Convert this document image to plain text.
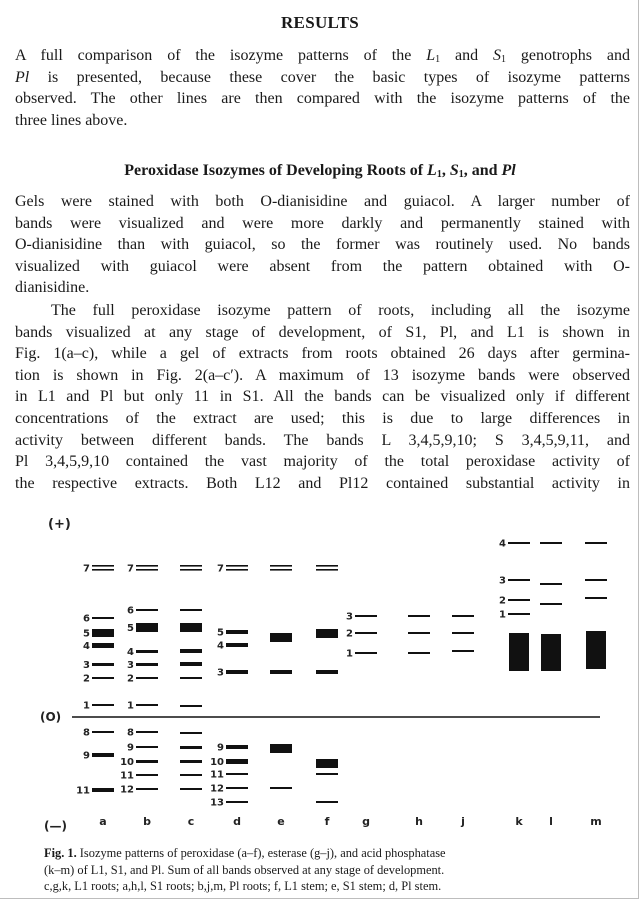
RESULTS
A full comparison of the isozyme patterns of the $L_1$ and $S_1$ genotrophs and
Pl is presented, because these cover the basic types of isozyme patterns
observed. The other lines are then compared with the isozyme patterns of the
three lines above.
Peroxidase Isozymes of Developing Roots of $L_1$, $S_1$, and Pl
Gels were stained with both O-dianisidine and guiacol. A larger number of
bands were visualized and were more darkly and permanently stained with
O-dianisidine than with guiacol, so the former was routinely used. No bands
visualized with guiacol were absent from the pattern obtained with O-
dianisidine.
The full peroxidase isozyme pattern of roots, including all the isozyme
bands visualized at any stage of development, of S1, Pl, and L1 is shown in
Fig. 1(a–c), while a gel of extracts from roots obtained 26 days after germina-
tion is shown in Fig. 2(a–c′). A maximum of 13 isozyme bands were observed
in L1 and Pl but only 11 in S1. All the bands can be visualized only if different
concentrations of the extract are used; this is due to large differences in
activity between different bands. The bands L 3,4,5,9,10; S 3,4,5,9,11, and
Pl 3,4,5,9,10 contained the vast majority of the total peroxidase activity of
the respective extracts. Both L12 and Pl12 contained substantial activity in
(+)
(O)
(—)
7	7	7
6
5
4
3
2
6
5
4
3
2
5
4
3
1	1
8	8
9
9	9
10	10
11	11
11	12	12
13
3
2
1
4
3
2
1
a	b	c	d	e	f	g	h	j	k l	m
Fig. 1. Isozyme patterns of peroxidase (a–f), esterase (g–j), and acid phosphatase
(k–m) of L1, S1, and Pl. Sum of all bands observed at any stage of development.
c,g,k, L1 roots; a,h,l, S1 roots; b,j,m, Pl roots; f, L1 stem; e, S1 stem; d, Pl stem.
